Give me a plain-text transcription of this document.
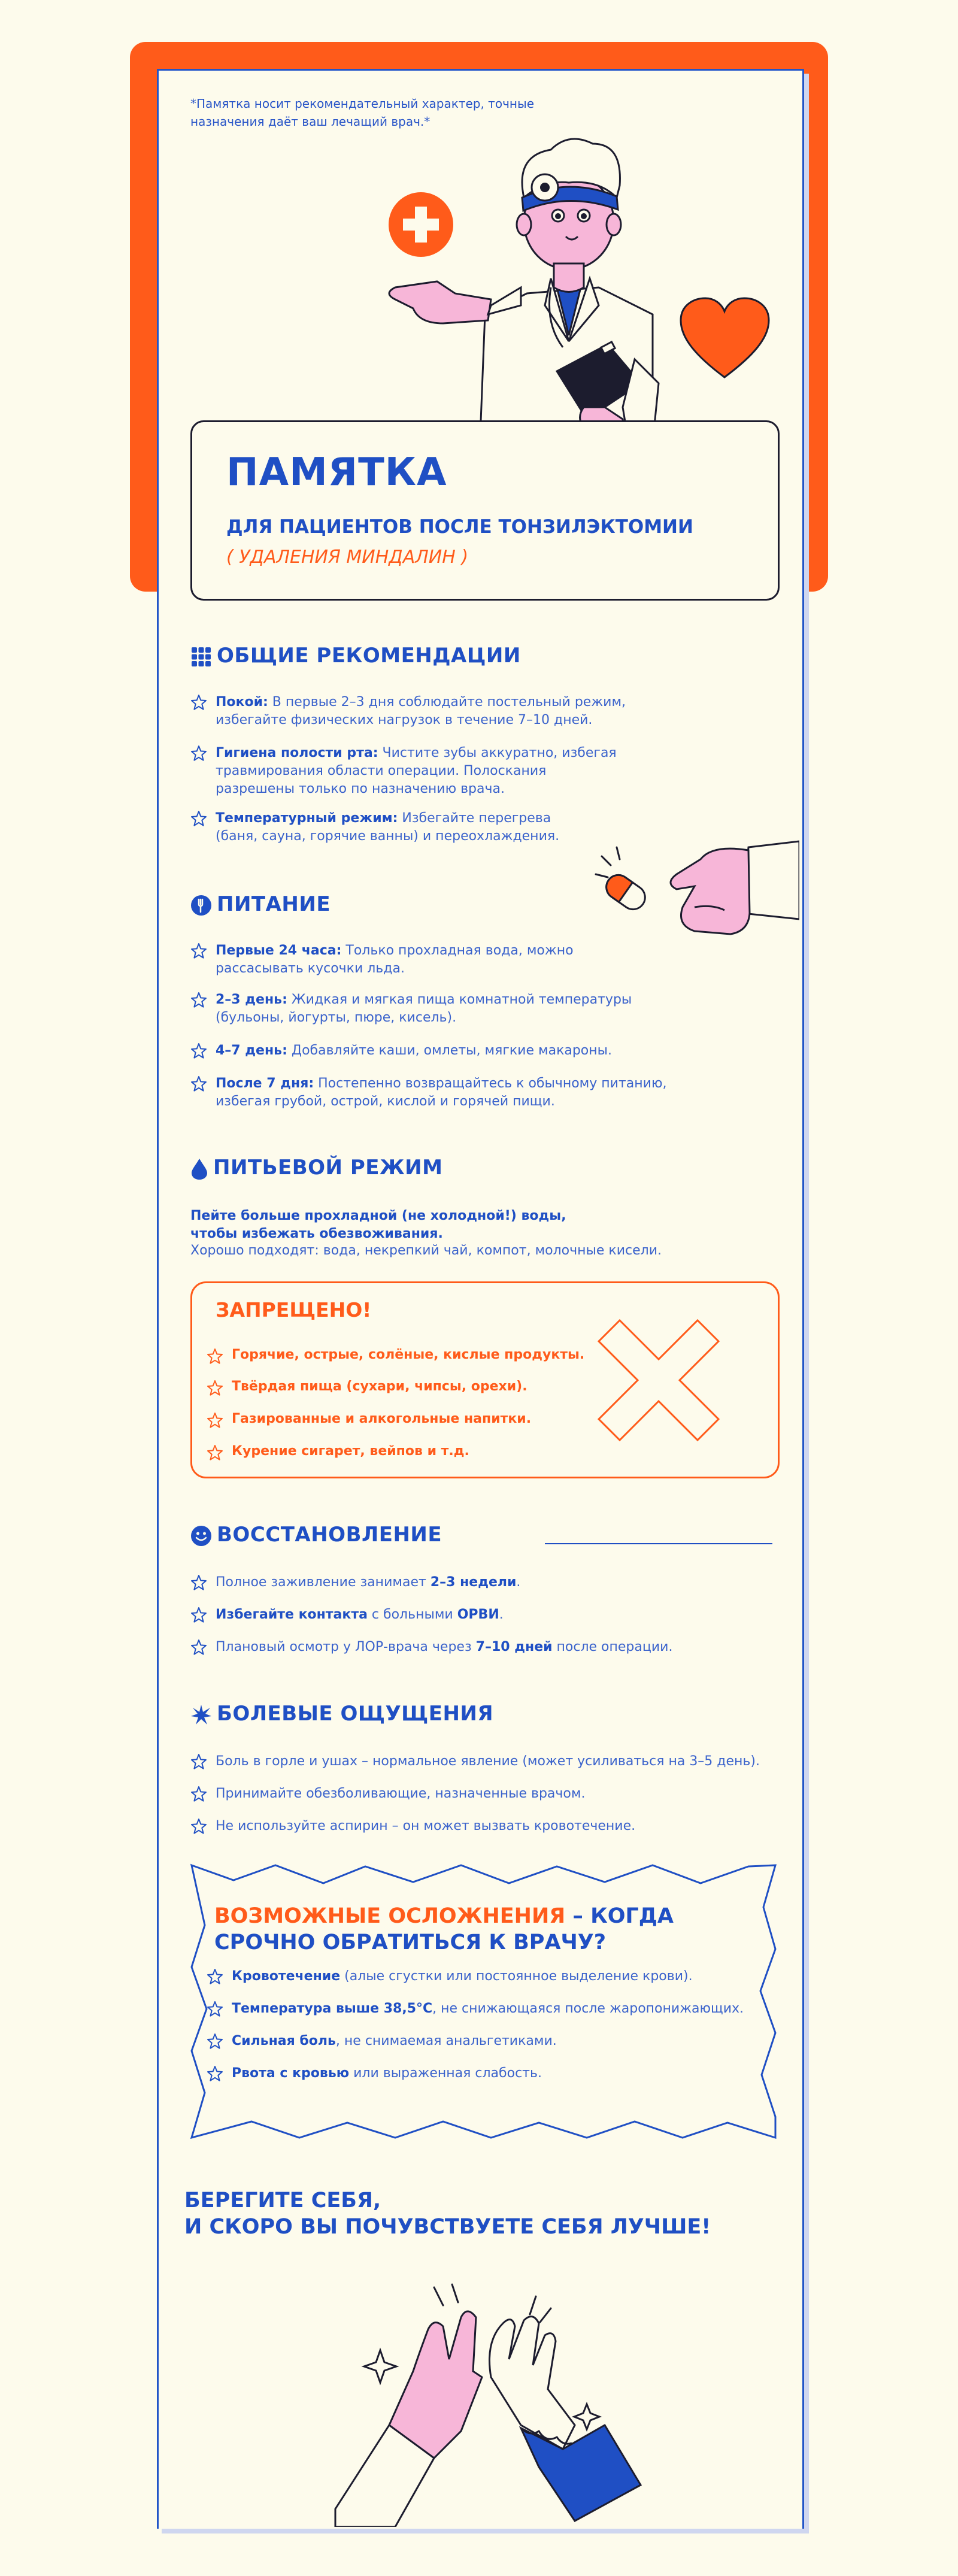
*Памятка носит рекомендательный характер, точные назначения даёт ваш лечащий врач.*
ПАМЯТКА
ДЛЯ ПАЦИЕНТОВ ПОСЛЕ ТОНЗИЛЭКТОМИИ
( УДАЛЕНИЯ МИНДАЛИН )
ОБЩИЕ РЕКОМЕНДАЦИИ
Покой: В первые 2–3 дня соблюдайте постельный режим, избегайте физических нагрузок в течение 7–10 дней.
Гигиена полости рта: Чистите зубы аккуратно, избегая травмирования области операции. Полоскания разрешены только по назначению врача.
Температурный режим: Избегайте перегрева (баня, сауна, горячие ванны) и переохлаждения.
ПИТАНИЕ
Первые 24 часа: Только прохладная вода, можно рассасывать кусочки льда.
2–3 день: Жидкая и мягкая пища комнатной температуры (бульоны, йогурты, пюре, кисель).
4–7 день: Добавляйте каши, омлеты, мягкие макароны.
После 7 дня: Постепенно возвращайтесь к обычному питанию, избегая грубой, острой, кислой и горячей пищи.
ПИТЬЕВОЙ РЕЖИМ
Пейте больше прохладной (не холодной!) воды, чтобы избежать обезвоживания.
Хорошо подходят: вода, некрепкий чай, компот, молочные кисели.
ЗАПРЕЩЕНО!
Горячие, острые, солёные, кислые продукты.
Твёрдая пища (сухари, чипсы, орехи).
Газированные и алкогольные напитки.
Курение сигарет, вейпов и т.д.
ВОССТАНОВЛЕНИЕ
Полное заживление занимает 2–3 недели.
Избегайте контакта с больными ОРВИ.
Плановый осмотр у ЛОР-врача через 7–10 дней после операции.
БОЛЕВЫЕ ОЩУЩЕНИЯ
Боль в горле и ушах – нормальное явление (может усиливаться на 3–5 день).
Принимайте обезболивающие, назначенные врачом.
Не используйте аспирин – он может вызвать кровотечение.
ВОЗМОЖНЫЕ ОСЛОЖНЕНИЯ – КОГДА СРОЧНО ОБРАТИТЬСЯ К ВРАЧУ?
Кровотечение (алые сгустки или постоянное выделение крови).
Температура выше 38,5°С, не снижающаяся после жаропонижающих.
Сильная боль, не снимаемая анальгетиками.
Рвота с кровью или выраженная слабость.
БЕРЕГИТЕ СЕБЯ,
И СКОРО ВЫ ПОЧУВСТВУЕТЕ СЕБЯ ЛУЧШЕ!
